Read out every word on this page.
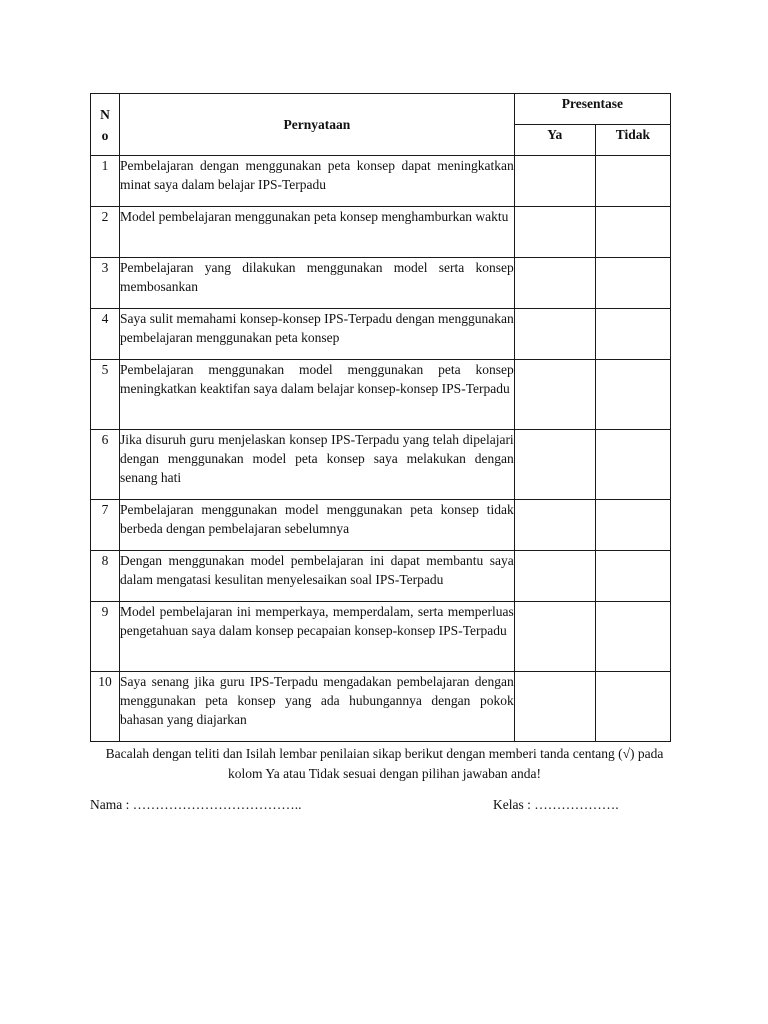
N
o	Pernyataan	Presentase	
		Ya	Tidak
1	Pembelajaran dengan menggunakan peta konsep dapat meningkatkan minat saya dalam belajar IPS-Terpadu		
2	Model pembelajaran menggunakan peta konsep menghamburkan waktu		
3	Pembelajaran yang dilakukan menggunakan model serta konsep membosankan		
4	Saya sulit memahami konsep-konsep IPS-Terpadu dengan menggunakan pembelajaran menggunakan peta konsep		
5	Pembelajaran menggunakan model menggunakan peta konsep meningkatkan keaktifan saya dalam belajar konsep-konsep IPS-Terpadu		
6	Jika disuruh guru menjelaskan konsep IPS-Terpadu yang telah dipelajari dengan menggunakan model peta konsep saya melakukan dengan senang hati		
7	Pembelajaran menggunakan model menggunakan peta konsep tidak berbeda dengan pembelajaran sebelumnya		
8	Dengan menggunakan model pembelajaran ini dapat membantu saya dalam mengatasi kesulitan menyelesaikan soal IPS-Terpadu		
9	Model pembelajaran ini memperkaya, memperdalam, serta memperluas pengetahuan saya dalam konsep pecapaian konsep-konsep IPS-Terpadu		
10	Saya senang jika guru IPS-Terpadu mengadakan pembelajaran dengan menggunakan peta konsep yang ada hubungannya dengan pokok bahasan yang diajarkan		
Bacalah dengan teliti dan Isilah lembar penilaian sikap berikut dengan memberi tanda centang (√) pada kolom Ya atau Tidak sesuai dengan pilihan jawaban anda!
Nama : ………………………………..	Kelas : ……………….
